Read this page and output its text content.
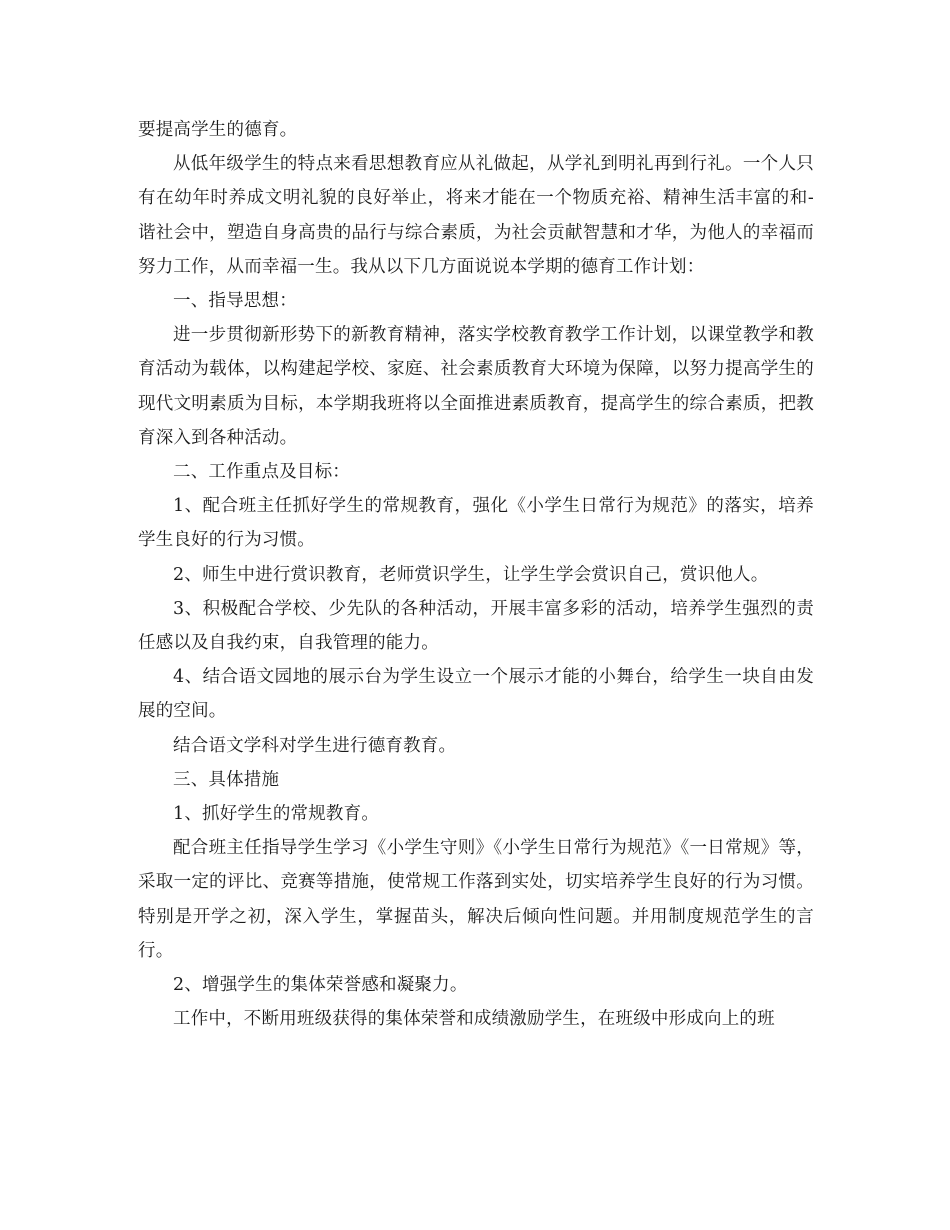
要提高学生的德育。

从低年级学生的特点来看思想教育应从礼做起，从学礼到明礼再到行礼。一个人只有在幼年时养成文明礼貌的良好举止，将来才能在一个物质充裕、精神生活丰富的和-谐社会中，塑造自身高贵的品行与综合素质，为社会贡献智慧和才华，为他人的幸福而努力工作，从而幸福一生。我从以下几方面说说本学期的德育工作计划：

一、指导思想：

进一步贯彻新形势下的新教育精神，落实学校教育教学工作计划，以课堂教学和教育活动为载体，以构建起学校、家庭、社会素质教育大环境为保障，以努力提高学生的现代文明素质为目标，本学期我班将以全面推进素质教育，提高学生的综合素质，把教育深入到各种活动。

二、工作重点及目标：

1、配合班主任抓好学生的常规教育，强化《小学生日常行为规范》的落实，培养学生良好的行为习惯。

2、师生中进行赏识教育，老师赏识学生，让学生学会赏识自己，赏识他人。

3、积极配合学校、少先队的各种活动，开展丰富多彩的活动，培养学生强烈的责任感以及自我约束，自我管理的能力。

4、结合语文园地的展示台为学生设立一个展示才能的小舞台，给学生一块自由发展的空间。

结合语文学科对学生进行德育教育。

三、具体措施

1、抓好学生的常规教育。

配合班主任指导学生学习《小学生守则》《小学生日常行为规范》《一日常规》等，采取一定的评比、竞赛等措施，使常规工作落到实处，切实培养学生良好的行为习惯。特别是开学之初，深入学生，掌握苗头，解决后倾向性问题。并用制度规范学生的言行。

2、增强学生的集体荣誉感和凝聚力。

工作中，不断用班级获得的集体荣誉和成绩激励学生，在班级中形成向上的班
